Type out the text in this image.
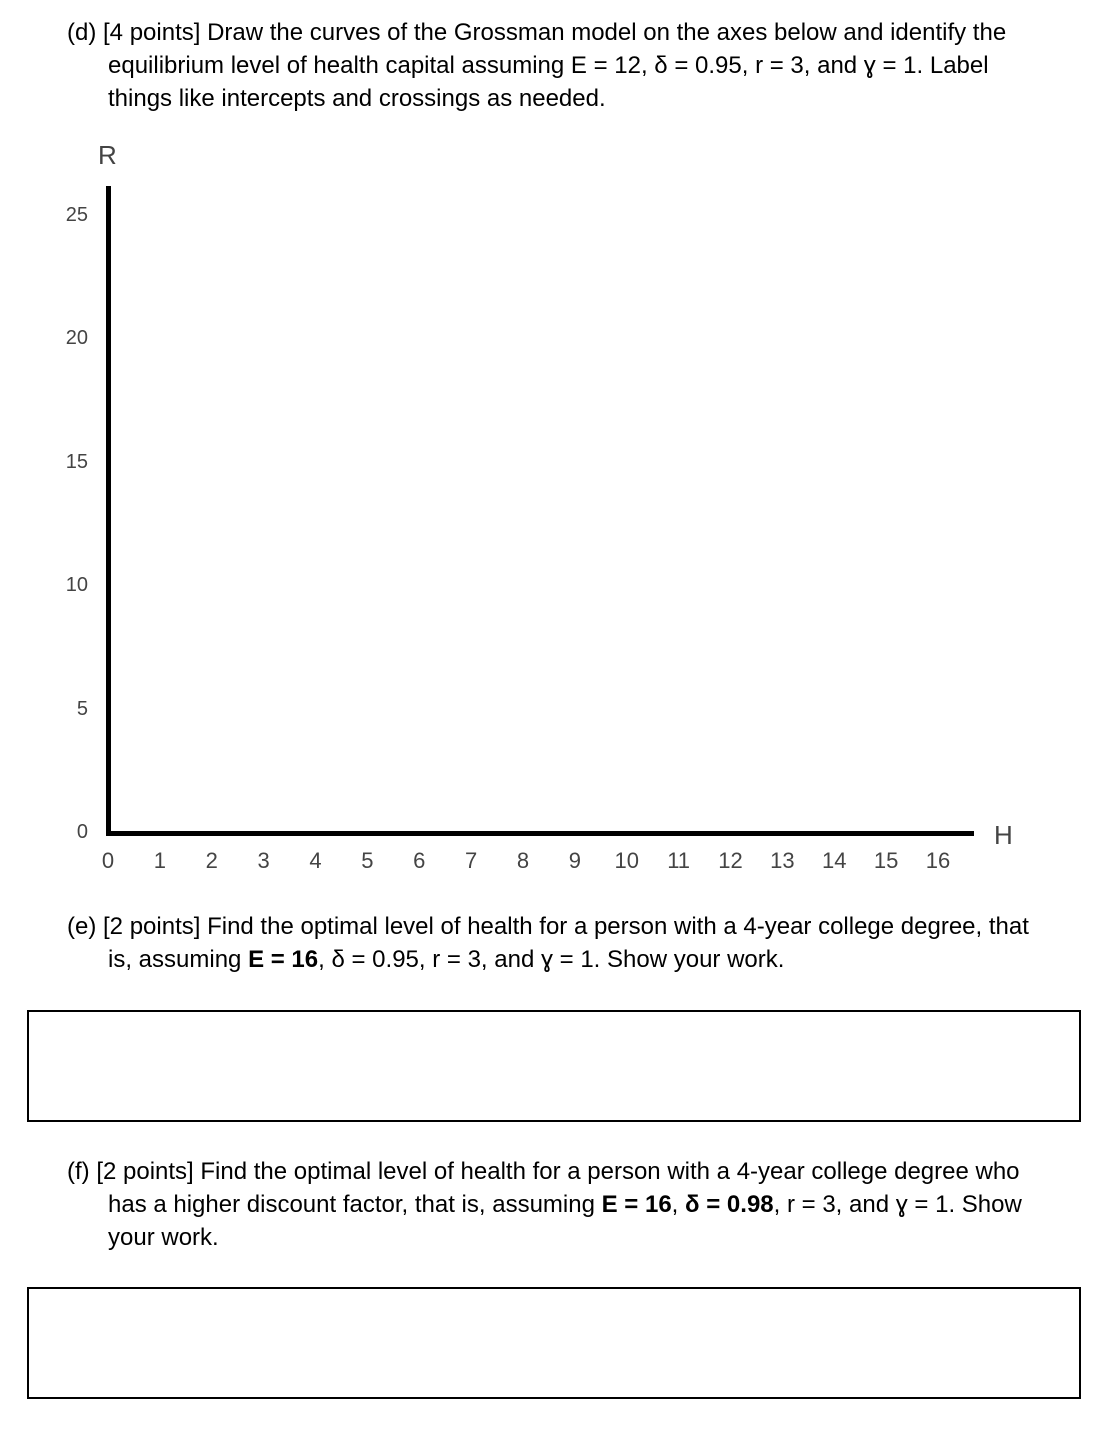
(d) [4 points] Draw the curves of the Grossman model on the axes below and identify the
equilibrium level of health capital assuming E = 12, δ = 0.95, r = 3, and ɣ = 1. Label
things like intercepts and crossings as needed.
R
H
0
5
10
15
20
25
0	1	2	3	4	5	6	7	8	9	10	11	12	13	14	15	16
(e) [2 points] Find the optimal level of health for a person with a 4-year college degree, that
is, assuming E = 16, δ = 0.95, r = 3, and ɣ = 1. Show your work.
(f) [2 points] Find the optimal level of health for a person with a 4-year college degree who
has a higher discount factor, that is, assuming E = 16, δ = 0.98, r = 3, and ɣ = 1. Show
your work.
